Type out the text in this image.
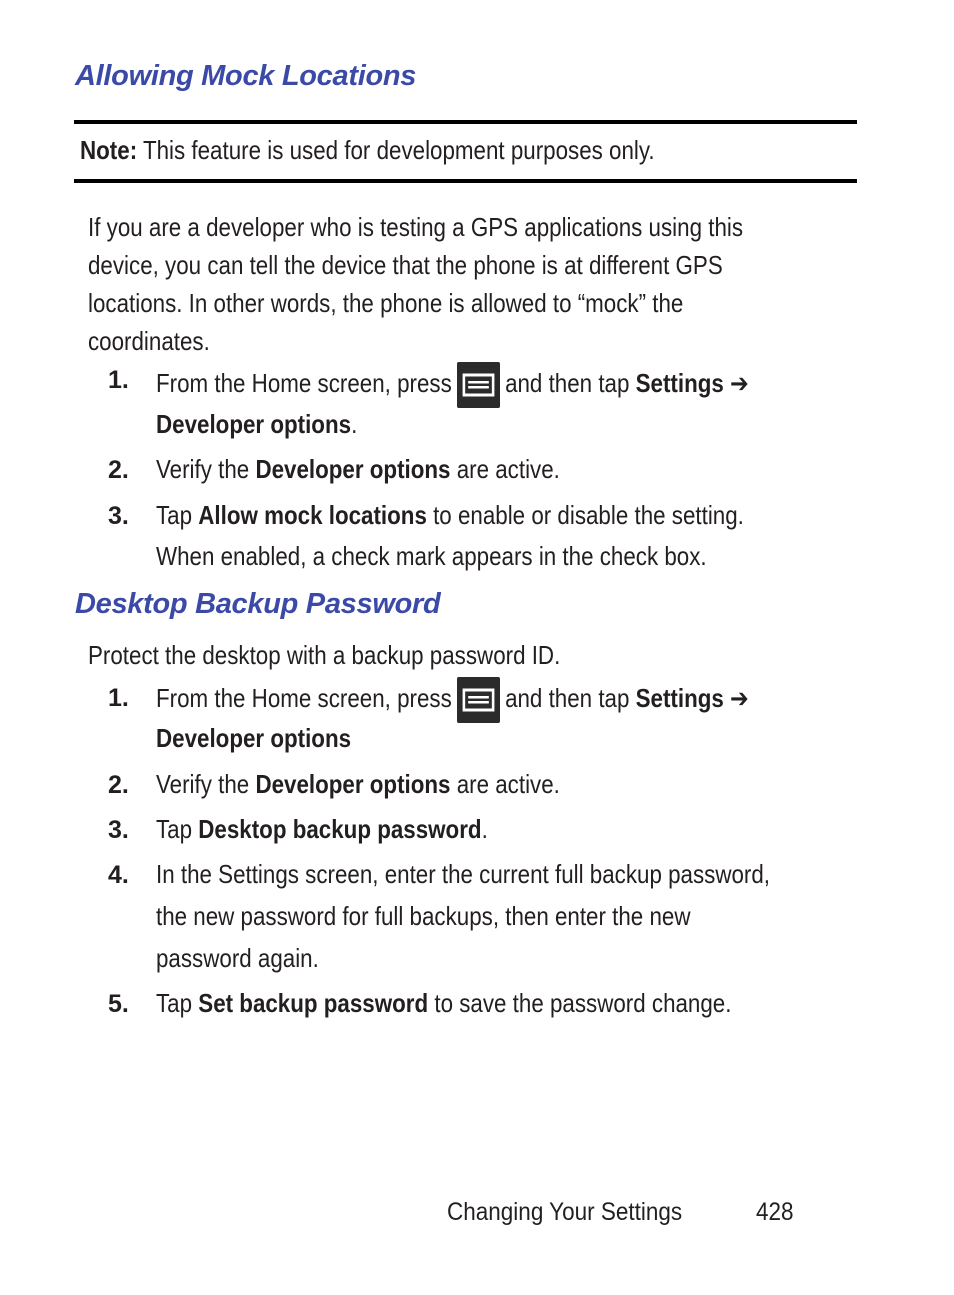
Allowing Mock Locations
Note: This feature is used for development purposes only.
If you are a developer who is testing a GPS applications using this
device, you can tell the device that the phone is at different GPS
locations. In other words, the phone is allowed to “mock” the
coordinates.
1. From the Home screen, press and then tap Settings ➔
Developer options.
2. Verify the Developer options are active.
3. Tap Allow mock locations to enable or disable the setting.
When enabled, a check mark appears in the check box.
Desktop Backup Password
Protect the desktop with a backup password ID.
1. From the Home screen, press and then tap Settings ➔
Developer options
2. Verify the Developer options are active.
3. Tap Desktop backup password.
4. In the Settings screen, enter the current full backup password,
the new password for full backups, then enter the new
password again.
5. Tap Set backup password to save the password change.
Changing Your Settings	428
